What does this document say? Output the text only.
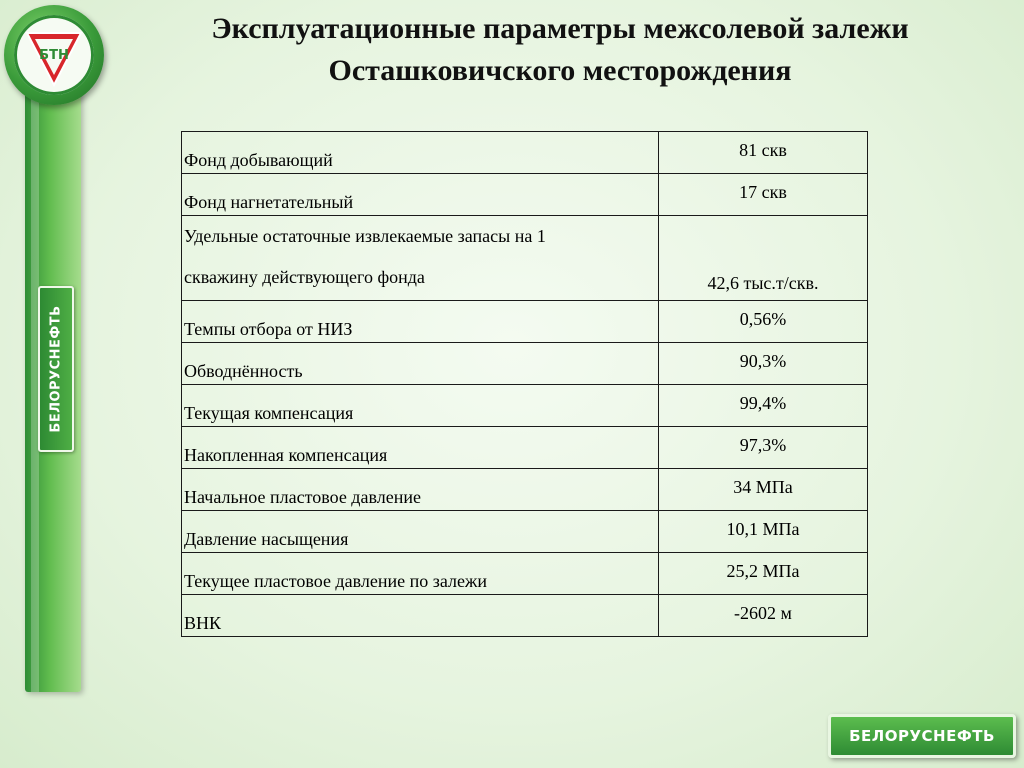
БЕЛОРУСНЕФТЬ
БТН
Эксплуатационные параметры межсолевой залежи
Осташковичского месторождения
Фонд добывающий	81 скв
Фонд нагнетательный	17 скв
Удельные остаточные извлекаемые запасы на 1
скважину действующего фонда	42,6 тыс.т/скв.
Темпы отбора от НИЗ	0,56%
Обводнённость	90,3%
Текущая компенсация	99,4%
Накопленная компенсация	97,3%
Начальное пластовое давление	34 МПа
Давление насыщения	10,1 МПа
Текущее пластовое давление по залежи	25,2 МПа
ВНК	-2602 м
БЕЛОРУСНЕФТЬ
